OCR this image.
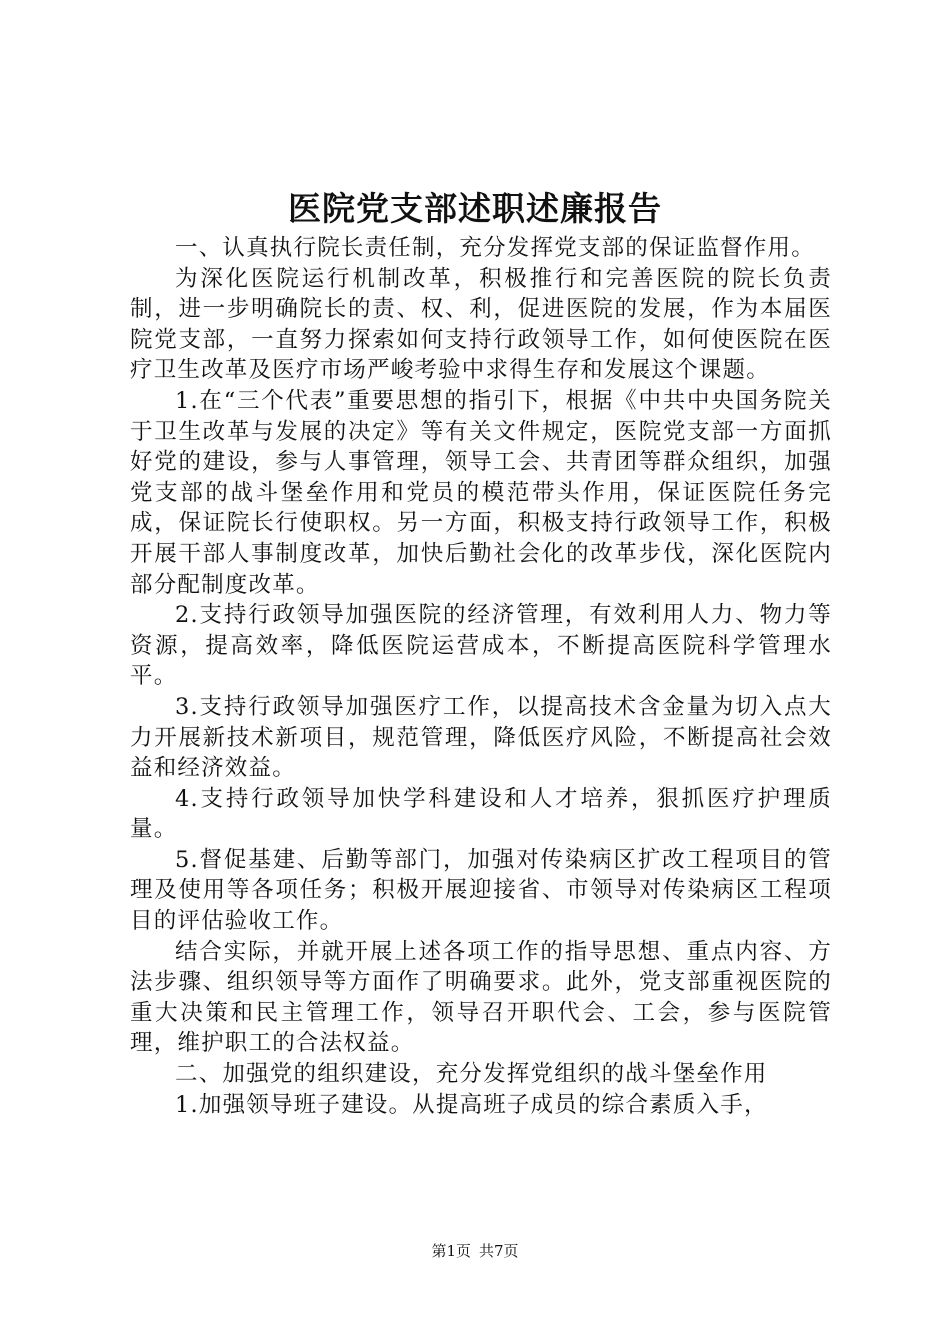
医院党支部述职述廉报告

一、认真执行院长责任制，充分发挥党支部的保证监督作用。

为深化医院运行机制改革，积极推行和完善医院的院长负责制，进一步明确院长的责、权、利，促进医院的发展，作为本届医院党支部，一直努力探索如何支持行政领导工作，如何使医院在医疗卫生改革及医疗市场严峻考验中求得生存和发展这个课题。

1.在“三个代表”重要思想的指引下，根据《中共中央国务院关于卫生改革与发展的决定》等有关文件规定，医院党支部一方面抓好党的建设，参与人事管理，领导工会、共青团等群众组织，加强党支部的战斗堡垒作用和党员的模范带头作用，保证医院任务完成，保证院长行使职权。另一方面，积极支持行政领导工作，积极开展干部人事制度改革，加快后勤社会化的改革步伐，深化医院内部分配制度改革。

2.支持行政领导加强医院的经济管理，有效利用人力、物力等资源，提高效率，降低医院运营成本，不断提高医院科学管理水平。

3.支持行政领导加强医疗工作，以提高技术含金量为切入点大力开展新技术新项目，规范管理，降低医疗风险，不断提高社会效益和经济效益。

4.支持行政领导加快学科建设和人才培养，狠抓医疗护理质量。

5.督促基建、后勤等部门，加强对传染病区扩改工程项目的管理及使用等各项任务；积极开展迎接省、市领导对传染病区工程项目的评估验收工作。

结合实际，并就开展上述各项工作的指导思想、重点内容、方法步骤、组织领导等方面作了明确要求。此外，党支部重视医院的重大决策和民主管理工作，领导召开职代会、工会，参与医院管理，维护职工的合法权益。

二、加强党的组织建设，充分发挥党组织的战斗堡垒作用

1.加强领导班子建设。从提高班子成员的综合素质入手，

第1页 共7页
